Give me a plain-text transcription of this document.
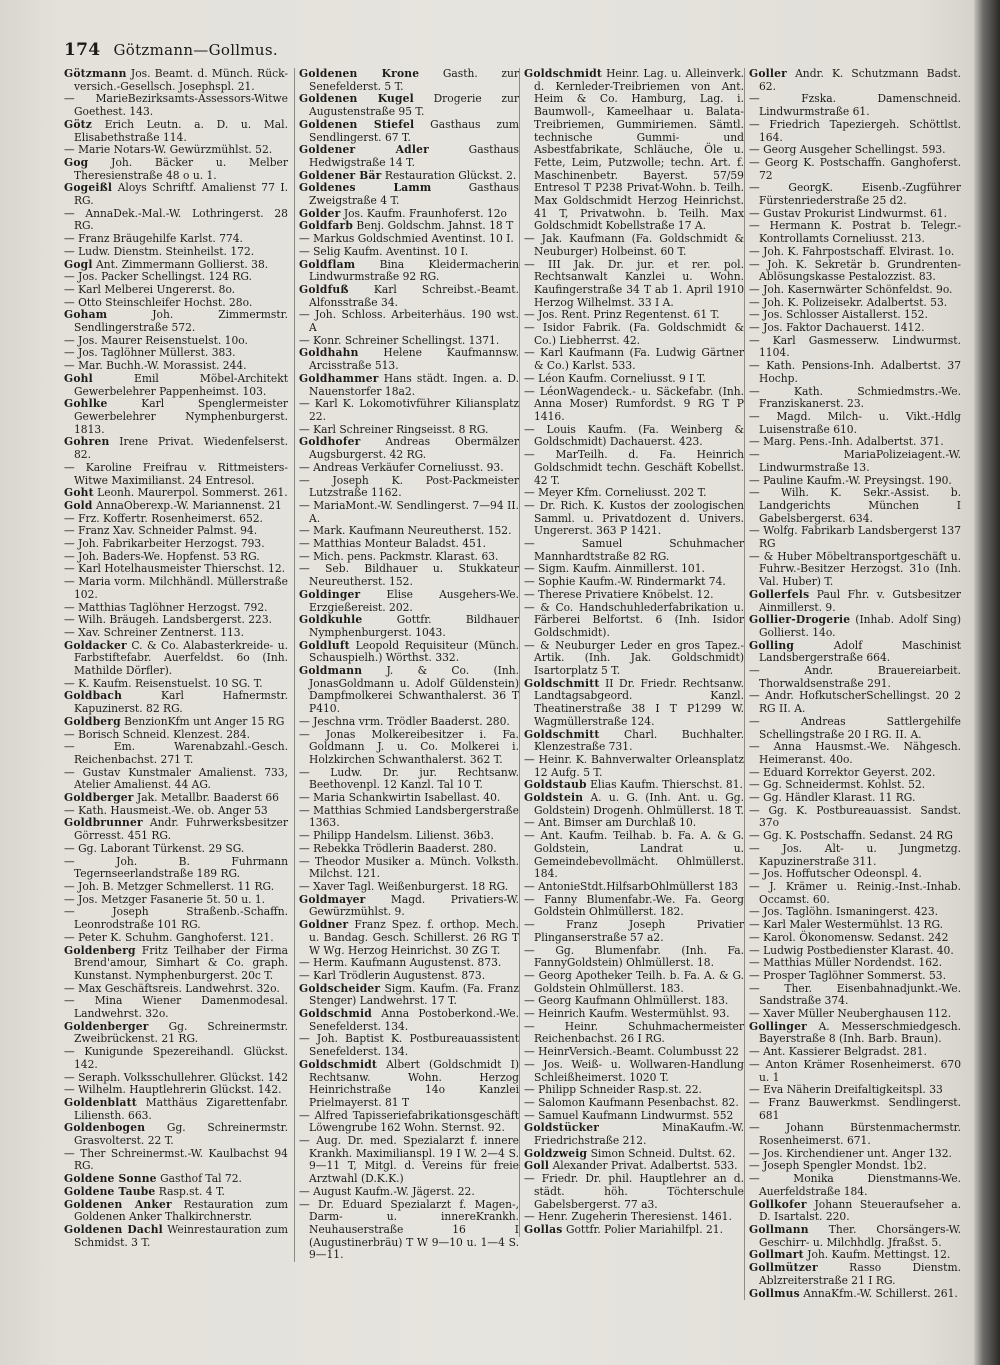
174 Götzmann—Gollmus.

Götzmann Jos. Beamt. d. Münch. Rück-versich.-Gesellsch. Josephspl. 21.

— MarieBezirksamts-Assessors-Witwe Goethest. 143.

Götz Erich Leutn. a. D. u. Mal. Elisabethstraße 114.

— Marie Notars-W. Gewürzmühlst. 52.

Gog Joh. Bäcker u. Melber Theresienstraße 48 o u. 1.

Gogeißl Aloys Schriftf. Amalienst 77 I. RG.

— AnnaDek.-Mal.-W. Lothringerst. 28 RG.

— Franz Bräugehilfe Karlst. 774.

— Ludw. Dienstm. Steinheilst. 172.

Gogl Ant. Zimmermann Gollierst. 38.

— Jos. Packer Schellingst. 124 RG.

— Karl Melberei Ungererst. 8o.

— Otto Steinschleifer Hochst. 28o.

Goham	Joh. Zimmermstr. Sendlingerstraße 572.

— Jos. Maurer Reisenstuelst. 10o.

— Jos. Taglöhner Müllerst. 383.

— Mar. Buchh.-W. Morassist. 244.

Gohl	Emil Möbel-Architekt Gewerbelehrer Pappenheimst. 103.

Gohlke	Karl Spenglermeister Gewerbelehrer Nymphenburgerst. 1813.

Gohren Irene Privat. Wiedenfelserst. 82.

— Karoline Freifrau v. Rittmeisters-Witwe Maximilianst. 24 Entresol.

Goht Leonh. Maurerpol. Sommerst. 261.

Gold AnnaOberexp.-W. Mariannenst. 21

— Frz. Koffertr. Rosenheimerst. 652.

— Franz Xav. Schneider Palmst. 94.

— Joh. Fabrikarbeiter Herzogst. 793.

— Joh. Baders-We. Hopfenst. 53 RG.

— Karl Hotelhausmeister Thierschst. 12.

— Maria vorm. Milchhändl. Müllerstraße 102.

— Matthias Taglöhner Herzogst. 792.

— Wilh. Bräugeh. Landsbergerst. 223.

— Xav. Schreiner Zentnerst. 113.

Goldacker C. & Co. Alabasterkreide- u. Farbstiftefabr. Auerfeldst. 6o (Inh. Mathilde Dörfler).

— K. Kaufm. Reisenstuelst. 10 SG. T.

Goldbach	Karl Hafnermstr. Kapuzinerst. 82 RG.

Goldberg BenzionKfm unt Anger 15 RG

— Borisch Schneid. Klenzest. 284.

— Em. Warenabzahl.-Gesch. Reichenbachst. 271 T.

— Gustav Kunstmaler Amalienst. 733, Atelier Amalienst. 44 AG.

Goldberger Jak. Metallbr. Baaderst 66

— Kath. Hausmeist.-We. ob. Anger 53

Goldbrunner Andr. Fuhrwerksbesitzer Görresst. 451 RG.

— Gg. Laborant Türkenst. 29 SG.

— Joh. B. Fuhrmann Tegernseerlandstraße 189 RG.

— Joh. B. Metzger Schmellerst. 11 RG.

— Jos. Metzger Fasanerie 5t. 50 u. 1.

— Joseph Straßenb.-Schaffn. Leonrodstraße 101 RG.

— Peter K. Schuhm. Ganghoferst. 121.

Goldenberg Fritz Teilhaber der Firma Brend'amour, Simhart & Co. graph. Kunstanst. Nymphenburgerst. 20c T.

— Max Geschäftsreis. Landwehrst. 32o.

— Mina Wiener Damenmodesal. Landwehrst. 32o.

Goldenberger Gg. Schreinermstr. Zweibrückenst. 21 RG.

— Kunigunde Spezereihandl. Glückst. 142.

— Seraph. Volksschullehrer. Glückst. 142

— Wilhelm. Hauptlehrerin Glückst. 142.

Goldenblatt Matthäus Zigarettenfabr. Liliensth. 663.

Goldenbogen Gg. Schreinermstr. Grasvolterst. 22 T.

— Ther Schreinermst.-W. Kaulbachst 94 RG.

Goldene Sonne Gasthof Tal 72.

Goldene Taube Rasp.st. 4 T.

Goldenen Anker Restauration zum Goldenen Anker Thalkirchnerstr.

Goldenen Dachl Weinrestauration zum Schmidst. 3 T.

Goldenen Krone Gasth. zur Senefelderst. 5 T.

Goldenen Kugel Drogerie zur Augustenstraße 95 T.

Goldenen Stiefel Gasthaus zum Sendlingerst. 67 T.

Goldener Adler	Gasthaus Hedwigstraße 14 T.

Goldener Bär Restauration Glückst. 2.

Goldenes Lamm	Gasthaus Zweigstraße 4 T.

Golder Jos. Kaufm. Fraunhoferst. 12o

Goldfarb Benj. Goldschm. Jahnst. 18 T

— Markus Goldschmied Aventinst. 10 I.

— Selig Kaufm. Aventinst. 10 I.

Goldflam Bina Kleidermacherin Lindwurmstraße 92 RG.

Goldfuß Karl Schreibst.-Beamt. Alfonsstraße 34.

— Joh. Schloss. Arbeiterhäus. 190 wst. A

— Konr. Schreiner Schellingst. 1371.

Goldhahn Helene Kaufmannsw. Arcisstraße 513.

Goldhammer Hans städt. Ingen. a. D. Nauenstorfer 18a2.

— Karl K. Lokomotivführer Kiliansplatz 22.

— Karl Schreiner Ringseisst. 8 RG.

Goldhofer Andreas Obermälzer Augsburgerst. 42 RG.

— Andreas Verkäufer Corneliusst. 93.

— Joseph K. Post-Packmeister Lutzstraße 1162.

— MariaMont.-W. Sendlingerst. 7—94 II. A.

— Mark. Kaufmann Neureutherst. 152.

— Matthias Monteur Baladst. 451.

— Mich. pens. Packmstr. Klarast. 63.

— Seb. Bildhauer u. Stukkateur Neureutherst. 152.

Goldinger Elise Ausgehers-We. Erzgießereist. 202.

Goldkuhle	Gottfr. Bildhauer Nymphenburgerst. 1043.

Goldluft Leopold Requisiteur (Münch. Schauspielh.) Wörthst. 332.

Goldmann J. & Co. (Inh. JonasGoldmann u. Adolf Güldenstein) Dampfmolkerei Schwanthalerst. 36 T P410.

— Jeschna vrm. Trödler Baaderst. 280.

— Jonas Molkereibesitzer i. Fa. Goldmann J. u. Co. Molkerei i. Holzkirchen Schwanthalerst. 362 T.

— Ludw. Dr. jur. Rechtsanw. Beethovenpl. 12 Kanzl. Tal 10 T.

— Maria Schankwirtin Isabellast. 40.

— Matthias Schmied Landsbergerstraße 1363.

— Philipp Handelsm. Lilienst. 36b3.

— Rebekka Trödlerin Baaderst. 280.

— Theodor Musiker a. Münch. Volksth. Milchst. 121.

— Xaver Tagl. Weißenburgerst. 18 RG.

Goldmayer Magd. Privatiers-W. Gewürzmühlst. 9.

Goldner Franz Spez. f. orthop. Mech. u. Bandag. Gesch. Schillerst. 26 RG T W Wg. Herzog Heinrichst. 30 ZG T.

— Herm. Kaufmann Augustenst. 873.

— Karl Trödlerin Augustenst. 873.

Goldscheider Sigm. Kaufm. (Fa. Franz Stenger) Landwehrst. 17 T.

Goldschmid Anna Postoberkond.-We. Senefelderst. 134.

— Joh. Baptist K. Postbureauassistent Senefelderst. 134.

Goldschmidt Albert (Goldschmidt I) Rechtsanw. Wohn. Herzog Heinrichstraße 14o Kanzlei Prielmayerst. 81 T

— Alfred Tapisseriefabrikationsgeschäft Löwengrube 162 Wohn. Sternst. 92.

— Aug. Dr. med. Spezialarzt f. innere Krankh. Maximilianspl. 19 I W. 2—4 S. 9—11 T, Mitgl. d. Vereins für freie Arztwahl (D.K.K.)

— August Kaufm.-W. Jägerst. 22.

— Dr. Eduard Spezialarzt f. Magen-, Darm- u. innereKrankh. Neuhauserstraße 16 I (Augustinerbräu) T W 9—10 u. 1—4 S. 9—11.

Goldschmidt Heinr. Lag. u. Alleinverk. d. Kernleder-Treibriemen von Ant. Heim & Co. Hamburg, Lag. i. Baumwoll-, Kameelhaar u. Balata-Treibriemen, Gummiriemen. Sämtl. technische Gummi- und Asbestfabrikate, Schläuche, Öle u. Fette, Leim, Putzwolle; techn. Art. f. Maschinenbetr. Bayerst. 57/59 Entresol T P238 Privat-Wohn. b. Teilh. Max Goldschmidt Herzog Heinrichst. 41 T, Privatwohn. b. Teilh. Max Goldschmidt Kobellstraße 17 A.

— Jak. Kaufmann (Fa. Goldschmidt & Neuburger) Holbeinst. 60 T.

— III Jak. Dr. jur. et rer. pol. Rechtsanwalt Kanzlei u. Wohn. Kaufingerstraße 34 T ab 1. April 1910 Herzog Wilhelmst. 33 I A.

— Jos. Rent. Prinz Regentenst. 61 T.

— Isidor Fabrik. (Fa. Goldschmidt & Co.) Liebherrst. 42.

— Karl Kaufmann (Fa. Ludwig Gärtner & Co.) Karlst. 533.

— Léon Kaufm. Corneliusst. 9 I T.

— LéonWagendeck.- u. Säckefabr. (Inh. Anna Moser) Rumfordst. 9 RG T P 1416.

— Louis Kaufm. (Fa. Weinberg & Goldschmidt) Dachauerst. 423.

— MarTeilh. d. Fa. Heinrich Goldschmidt techn. Geschäft Kobellst. 42 T.

— Meyer Kfm. Corneliusst. 202 T.

— Dr. Rich. K. Kustos der zoologischen Samml. u. Privatdozent d. Univers. Ungererst. 363 P 1421.

— Samuel Schuhmacher Mannhardtstraße 82 RG.

— Sigm. Kaufm. Ainmillerst. 101.

— Sophie Kaufm.-W. Rindermarkt 74.

— Therese Privatiere Knöbelst. 12.

— & Co. Handschuhlederfabrikation u. Färberei Belfortst. 6 (Inh. Isidor Goldschmidt).

— & Neuburger Leder en gros Tapez.-Artik. (Inh. Jak. Goldschmidt) Isartorplatz 5 T.

Goldschmitt II Dr. Friedr. Rechtsanw. Landtagsabgeord. Kanzl. Theatinerstraße 38 I T P1299 W. Wagmüllerstraße 124.

Goldschmitt Charl. Buchhalter. Klenzestraße 731.

— Heinr. K. Bahnverwalter Orleansplatz 12 Aufg. 5 T.

Goldstaub Elias Kaufm. Thierschst. 81.

Goldstein A. u. G. (Inh. Ant. u. Gg. Goldstein) Drogenh. Ohlmüllerst. 18 T.

— Ant. Bimser am Durchlaß 10.

— Ant. Kaufm. Teilhab. b. Fa. A. & G. Goldstein, Landrat u. Gemeindebevollmächt. Ohlmüllerst. 184.

— AntonieStdt.HilfsarbOhlmüllerst 183

— Fanny Blumenfabr.-We. Fa. Georg Goldstein Ohlmüllerst. 182.

— Franz Joseph Privatier Plinganserstraße 57 a2.

— Gg. Blumenfabr. (Inh. Fa. FannyGoldstein) Ohlmüllerst. 18.

— Georg Apotheker Teilh. b. Fa. A. & G. Goldstein Ohlmüllerst. 183.

— Georg Kaufmann Ohlmüllerst. 183.

— Heinrich Kaufm. Westermühlst. 93.

— Heinr. Schuhmachermeister Reichenbachst. 26 I RG.

— HeinrVersich.-Beamt. Columbusst 22

— Jos. Weiß- u. Wollwaren-Handlung Schleißheimerst. 1020 T.

— Philipp Schneider Rasp.st. 22.

— Salomon Kaufmann Pesenbachst. 82.

— Samuel Kaufmann Lindwurmst. 552

Goldstücker	MinaKaufm.-W. Friedrichstraße 212.

Goldzweig Simon Schneid. Dultst. 62.

Goll Alexander Privat. Adalbertst. 533.

— Friedr. Dr. phil. Hauptlehrer an d. städt. höh. Töchterschule Gabelsbergerst. 77 a3.

— Henr. Zugeherin Theresienst. 1461.

Gollas Gottfr. Polier Mariahilfpl. 21.

Goller Andr. K. Schutzmann Badst. 62.

— Fzska. Damenschneid. Lindwurmstraße 61.

— Friedrich Tapeziergeh. Schöttlst. 164.

— Georg Ausgeher Schellingst. 593.

— Georg K. Postschaffn. Ganghoferst. 72

— GeorgK. Eisenb.-Zugführer Fürstenriederstraße 25 d2.

— Gustav Prokurist Lindwurmst. 61.

— Hermann K. Postrat b. Telegr.-Kontrollamts Corneliusst. 213.

— Joh. K. Fahrpostschaff. Elvirast. 1o.

— Joh. K. Sekretär b. Grundrenten-Ablösungskasse Pestalozzist. 83.

— Joh. Kasernwärter Schönfeldst. 9o.

— Joh. K. Polizeisekr. Adalbertst. 53.

— Jos. Schlosser Aistallerst. 152.

— Jos. Faktor Dachauerst. 1412.

— Karl Gasmesserw. Lindwurmst. 1104.

— Kath. Pensions-Inh. Adalbertst. 37 Hochp.

— Kath. Schmiedmstrs.-We. Franziskanerst. 23.

— Magd. Milch- u. Vikt.-Hdlg Luisenstraße 610.

— Marg. Pens.-Inh. Adalbertst. 371.

— MariaPolizeiagent.-W. Lindwurmstraße 13.

— Pauline Kaufm.-W. Preysingst. 190.

— Wilh. K. Sekr.-Assist. b. Landgerichts München I Gabelsbergerst. 634.

— Wolfg. Fabrikarb Landsbergerst 137 RG

— & Huber Möbeltransportgeschäft u. Fuhrw.-Besitzer Herzogst. 31o (Inh. Val. Huber) T.

Gollerfels Paul Fhr. v. Gutsbesitzer Ainmillerst. 9.

Gollier-Drogerie (Inhab. Adolf Sing) Gollierst. 14o.

Golling	Adolf Maschinist Landsbergerstraße 664.

— Andr. Brauereiarbeit. Thorwaldsenstraße 291.

— Andr. HofkutscherSchellingst. 20 2 RG II. A.

— Andreas Sattlergehilfe Schellingstraße 20 I RG. II. A.

— Anna Hausmst.-We. Nähgesch. Heimeranst. 40o.

— Eduard Korrektor Geyerst. 202.

— Gg. Schneidermst. Kohlst. 52.

— Gg. Händler Klarast. 11 RG.

— Gg. K. Postbureauassist. Sandst. 37o

— Gg. K. Postschaffn. Sedanst. 24 RG

— Jos. Alt- u. Jungmetzg. Kapuzinerstraße 311.

— Jos. Hoffutscher Odeonspl. 4.

— J. Krämer u. Reinig.-Inst.-Inhab. Occamst. 60.

— Jos. Taglöhn. Ismaningerst. 423.

— Karl Maler Westermühlst. 13 RG.

— Karol. Ökonomensw. Sedanst. 242

— Ludwig Postbedienster Klarast. 40.

— Matthias Müller Nordendst. 162.

— Prosper Taglöhner Sommerst. 53.

— Ther. Eisenbahnadjunkt.-We. Sandstraße 374.

— Xaver Müller Neuberghausen 112.

Gollinger A. Messerschmiedgesch. Bayerstraße 8 (Inh. Barb. Braun).

— Ant. Kassierer Belgradst. 281.

— Anton Krämer Rosenheimerst. 670 u. 1

— Eva Näherin Dreifaltigkeitspl. 33

— Franz Bauwerkmst. Sendlingerst. 681

— Johann Bürstenmachermstr. Rosenheimerst. 671.

— Jos. Kirchendiener unt. Anger 132.

— Joseph Spengler Mondst. 1b2.

— Monika Dienstmanns-We. Auerfeldstraße 184.

Gollkofer Johann Steueraufseher a. D. Isartalst. 220.

Gollmann Ther. Chorsängers-W. Geschirr- u. Milchhdlg. Jfraßst. 5.

Gollmart Joh. Kaufm. Mettingst. 12.

Gollmützer	Rasso Dienstm. Ablzreiterstraße 21 I RG.

Gollmus AnnaKfm.-W. Schillerst. 261.
